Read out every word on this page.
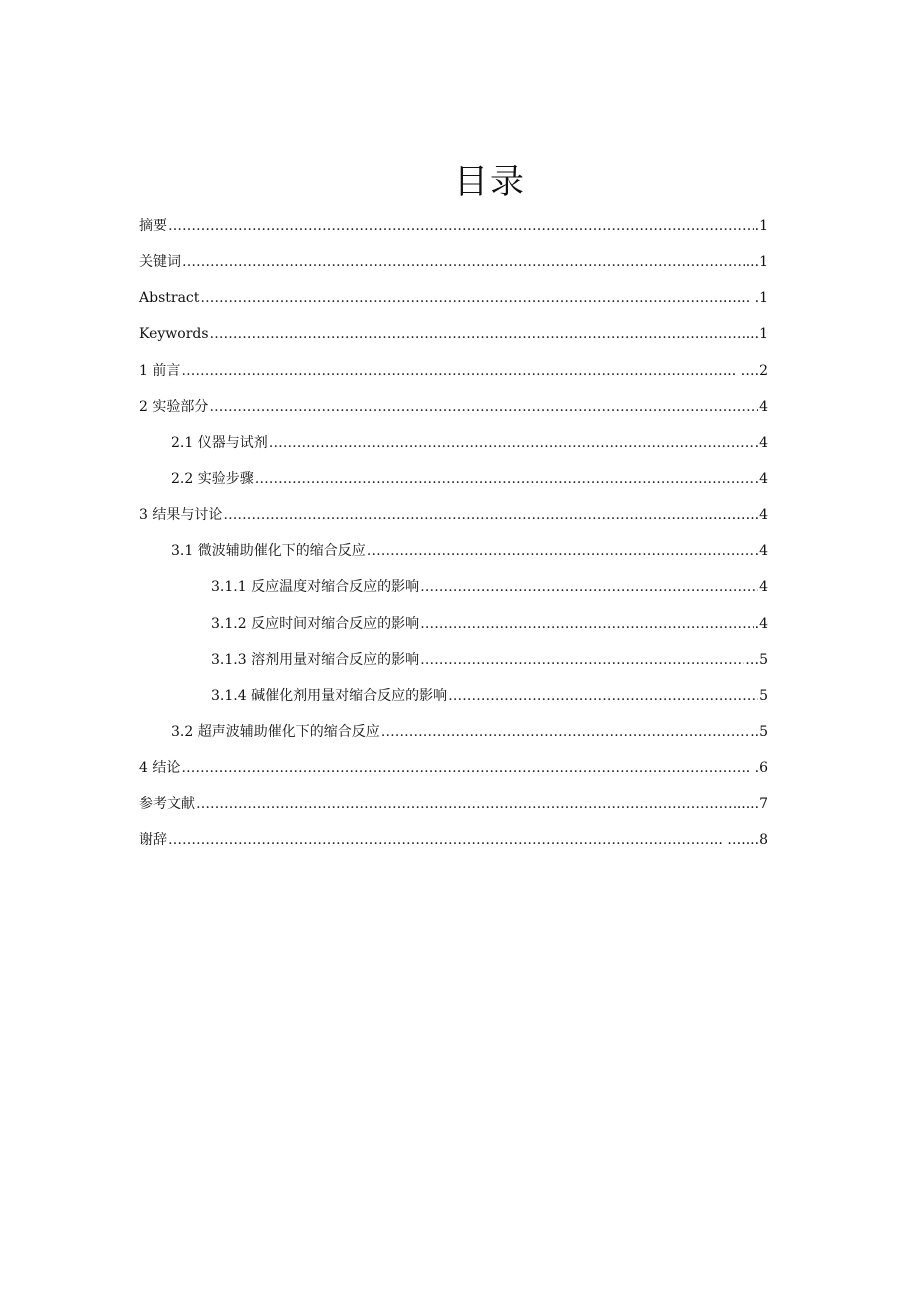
目录
摘要 …………………………………………………………………………………………………………………………………………………………………………………………………………………………………………………	.1
关键词 …………………………………………………………………………………………………………………………………………………………………………………………………………………………………………………	...1
Abstract …………………………………………………………………………………………………………………………………………………………………………………………………………………………………………………	…... .1
Keywords …………………………………………………………………………………………………………………………………………………………………………………………………………………………………………………	...1
1 前言 …………………………………………………………………………………………………………………………………………………………………………………………………………………………………………………	... ….2
2 实验部分 …………………………………………………………………………………………………………………………………………………………………………………………………………………………………………………	4
2.1 仪器与试剂 …………………………………………………………………………………………………………………………………………………………………………………………………………………………………………………	.4
2.2 实验步骤 …………………………………………………………………………………………………………………………………………………………………………………………………………………………………………………	.4
3 结果与讨论 …………………………………………………………………………………………………………………………………………………………………………………………………………………………………………………	………..4
3.1 微波辅助催化下的缩合反应 …………………………………………………………………………………………………………………………………………………………………………………………………………………………………………………	.4
3.1.1 反应温度对缩合反应的影响 …………………………………………………………………………………………………………………………………………………………………………………………………………………………………………………	4
3.1.2 反应时间对缩合反应的影响 …………………………………………………………………………………………………………………………………………………………………………………………………………………………………………………	.4
3.1.3 溶剂用量对缩合反应的影响 …………………………………………………………………………………………………………………………………………………………………………………………………………………………………………………	…5
3.1.4 碱催化剂用量对缩合反应的影响 …………………………………………………………………………………………………………………………………………………………………………………………………………………………………………………	5
3.2 超声波辅助催化下的缩合反应 …………………………………………………………………………………………………………………………………………………………………………………………………………………………………………………	..5
4 结论 …………………………………………………………………………………………………………………………………………………………………………………………………………………………………………………	. .6
参考文献 …………………………………………………………………………………………………………………………………………………………………………………………………………………………………………………	.....7
谢辞 …………………………………………………………………………………………………………………………………………………………………………………………………………………………………………………	... …....8
